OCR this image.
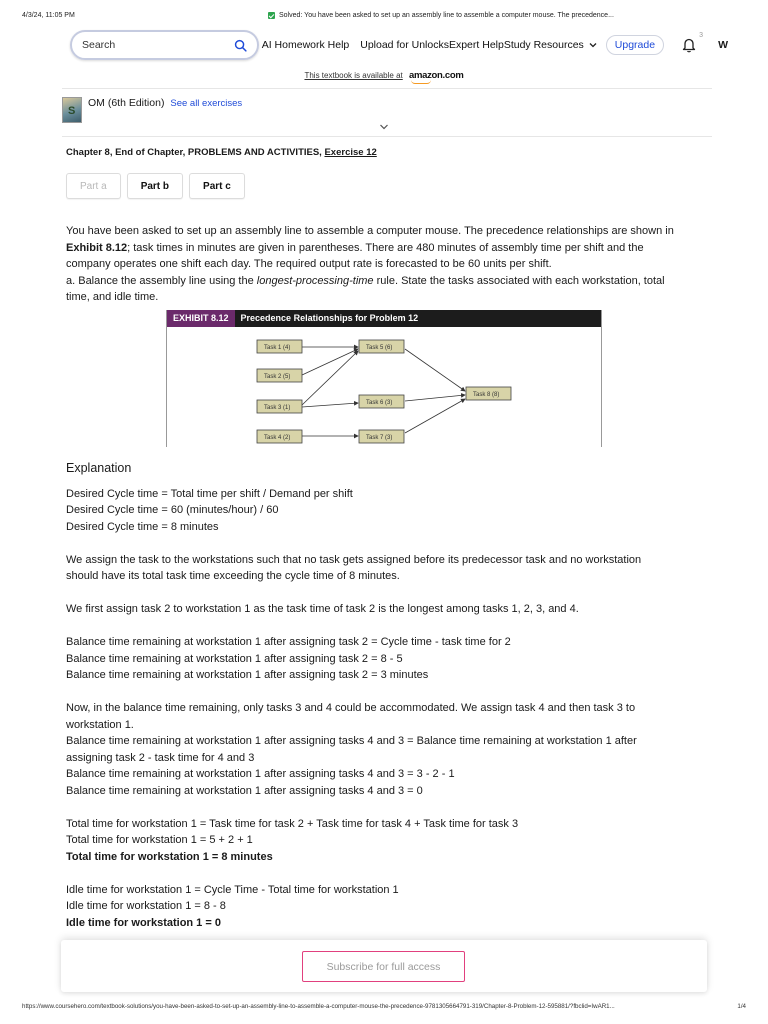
4/3/24, 11:05 PM	Solved: You have been asked to set up an assembly line to assemble a computer mouse. The precedence...
Search
AI Homework Help Upload for Unlocks Expert Help Study Resources	Upgrade
3
W
This textbook is available at amazon.com
S
OM (6th Edition) See all exercises
Chapter 8, End of Chapter, PROBLEMS AND ACTIVITIES, Exercise 12
Part a	Part b	Part c

You have been asked to set up an assembly line to assemble a computer mouse. The precedence relationships are shown in

Exhibit 8.12; task times in minutes are given in parentheses. There are 480 minutes of assembly time per shift and the

company operates one shift each day. The required output rate is forecasted to be 60 units per shift.

a. Balance the assembly line using the longest-processing-time rule. State the tasks associated with each workstation, total

time, and idle time.

EXHIBIT 8.12	Precedence Relationships for Problem 12
Task 1 (4)
Task 2 (5)
Task 3 (1)
Task 4 (2)
Task 5 (6)
Task 6 (3)
Task 7 (3)
Task 8 (8)
Explanation

Desired Cycle time = Total time per shift / Demand per shift

Desired Cycle time = 60 (minutes/hour) / 60

Desired Cycle time = 8 minutes

We assign the task to the workstations such that no task gets assigned before its predecessor task and no workstation

should have its total task time exceeding the cycle time of 8 minutes.

We first assign task 2 to workstation 1 as the task time of task 2 is the longest among tasks 1, 2, 3, and 4.

Balance time remaining at workstation 1 after assigning task 2 = Cycle time - task time for 2

Balance time remaining at workstation 1 after assigning task 2 = 8 - 5

Balance time remaining at workstation 1 after assigning task 2 = 3 minutes

Now, in the balance time remaining, only tasks 3 and 4 could be accommodated. We assign task 4 and then task 3 to

workstation 1.

Balance time remaining at workstation 1 after assigning tasks 4 and 3 = Balance time remaining at workstation 1 after

assigning task 2 - task time for 4 and 3

Balance time remaining at workstation 1 after assigning tasks 4 and 3 = 3 - 2 - 1

Balance time remaining at workstation 1 after assigning tasks 4 and 3 = 0

Total time for workstation 1 = Task time for task 2 + Task time for task 4 + Task time for task 3

Total time for workstation 1 = 5 + 2 + 1

Total time for workstation 1 = 8 minutes

Idle time for workstation 1 = Cycle Time - Total time for workstation 1

Idle time for workstation 1 = 8 - 8

Idle time for workstation 1 = 0

Subscribe for full access
https://www.coursehero.com/textbook-solutions/you-have-been-asked-to-set-up-an-assembly-line-to-assemble-a-computer-mouse-the-precedence-9781305664791-319/Chapter-8-Problem-12-595881/?fbclid=IwAR1...	1/4
